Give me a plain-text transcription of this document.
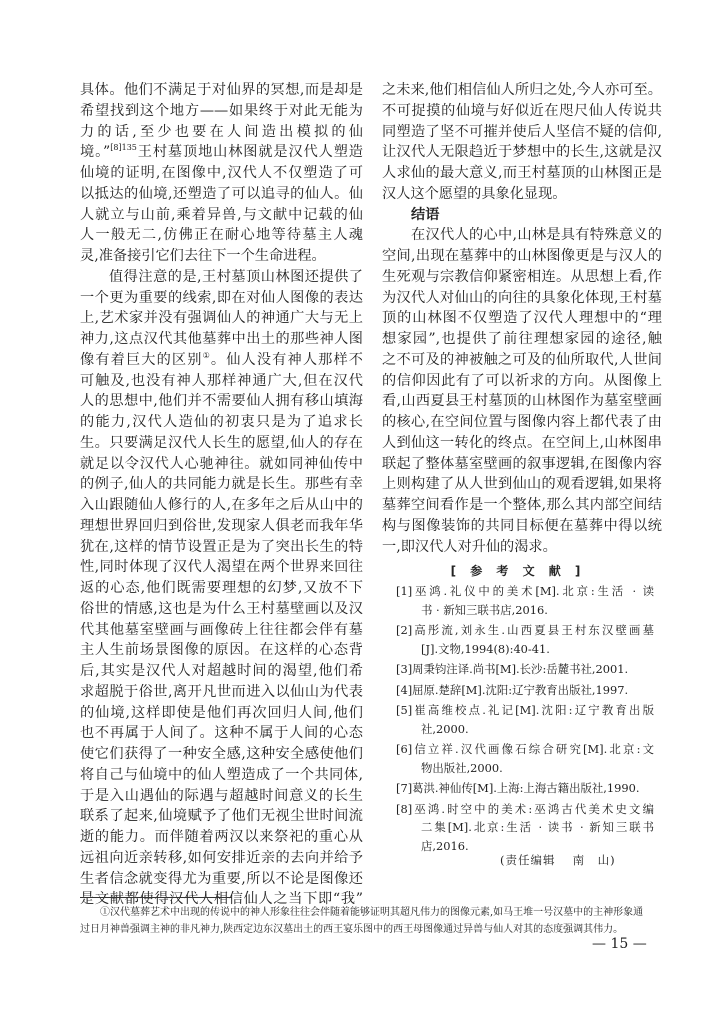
具体。他们不满足于对仙界的冥想,而是却是
希望找到这个地方——如果终于对此无能为
力的话,至少也要在人间造出模拟的仙
境。”$^{[8]135}$王村墓顶地山林图就是汉代人塑造
仙境的证明,在图像中,汉代人不仅塑造了可
以抵达的仙境,还塑造了可以追寻的仙人。仙
人就立与山前,乘着异兽,与文献中记载的仙
人一般无二,仿佛正在耐心地等待墓主人魂
灵,准备接引它们去往下一个生命进程。
值得注意的是,王村墓顶山林图还提供了
一个更为重要的线索,即在对仙人图像的表达
上,艺术家并没有强调仙人的神通广大与无上
神力,这点汉代其他墓葬中出土的那些神人图
像有着巨大的区别①。仙人没有神人那样不
可触及,也没有神人那样神通广大,但在汉代
人的思想中,他们并不需要仙人拥有移山填海
的能力,汉代人造仙的初衷只是为了追求长
生。只要满足汉代人长生的愿望,仙人的存在
就足以令汉代人心驰神往。就如同神仙传中
的例子,仙人的共同能力就是长生。那些有幸
入山跟随仙人修行的人,在多年之后从山中的
理想世界回归到俗世,发现家人俱老而我年华
犹在,这样的情节设置正是为了突出长生的特
性,同时体现了汉代人渴望在两个世界来回往
返的心态,他们既需要理想的幻梦,又放不下
俗世的情感,这也是为什么王村墓壁画以及汉
代其他墓室壁画与画像砖上往往都会伴有墓
主人生前场景图像的原因。在这样的心态背
后,其实是汉代人对超越时间的渴望,他们希
求超脱于俗世,离开凡世而进入以仙山为代表
的仙境,这样即使是他们再次回归人间,他们
也不再属于人间了。这种不属于人间的心态
使它们获得了一种安全感,这种安全感使他们
将自己与仙境中的仙人塑造成了一个共同体,
于是入山遇仙的际遇与超越时间意义的长生
联系了起来,仙境赋予了他们无视尘世时间流
逝的能力。而伴随着两汉以来祭祀的重心从
远祖向近亲转移,如何安排近亲的去向并给予
生者信念就变得尤为重要,所以不论是图像还
是文献都使得汉代人相信仙人之当下即“我”
之未来,他们相信仙人所归之处,今人亦可至。
不可捉摸的仙境与好似近在咫尺仙人传说共
同塑造了坚不可摧并使后人坚信不疑的信仰,
让汉代人无限趋近于梦想中的长生,这就是汉
人求仙的最大意义,而王村墓顶的山林图正是
汉人这个愿望的具象化显现。
结语
在汉代人的心中,山林是具有特殊意义的
空间,出现在墓葬中的山林图像更是与汉人的
生死观与宗教信仰紧密相连。从思想上看,作
为汉代人对仙山的向往的具象化体现,王村墓
顶的山林图不仅塑造了汉代人理想中的“理
想家园”,也提供了前往理想家园的途径,触
之不可及的神被触之可及的仙所取代,人世间
的信仰因此有了可以祈求的方向。从图像上
看,山西夏县王村墓顶的山林图作为墓室壁画
的核心,在空间位置与图像内容上都代表了由
人到仙这一转化的终点。在空间上,山林图串
联起了整体墓室壁画的叙事逻辑,在图像内容
上则构建了从人世到仙山的观看逻辑,如果将
墓葬空间看作是一个整体,那么其内部空间结
构与图像装饰的共同目标便在墓葬中得以统
一,即汉代人对升仙的渴求。
[ 参 考 文 献 ]
[1]巫鸿.礼仪中的美术[M].北京:生活 · 读
书 · 新知三联书店,2016.
[2]高彤流,刘永生.山西夏县王村东汉壁画墓
[J].文物,1994(8):40-41.
[3]周秉钧注译.尚书[M].长沙:岳麓书社,2001.
[4]屈原.楚辞[M].沈阳:辽宁教育出版社,1997.
[5]崔高维校点.礼记[M].沈阳:辽宁教育出版
社,2000.
[6]信立祥.汉代画像石综合研究[M].北京:文
物出版社,2000.
[7]葛洪.神仙传[M].上海:上海古籍出版社,1990.
[8]巫鸿.时空中的美术:巫鸿古代美术史文编
二集[M].北京:生活 · 读书 · 新知三联书
店,2016.
(责任编辑　 南　山)
①汉代墓葬艺术中出现的传说中的神人形象往往会伴随着能够证明其超凡伟力的图像元素,如马王堆一号汉墓中的主神形象通
过日月神兽强调主神的非凡神力,陕西定边东汉墓出土的西王宴乐图中的西王母图像通过异兽与仙人对其的态度强调其伟力。
— 15 —
